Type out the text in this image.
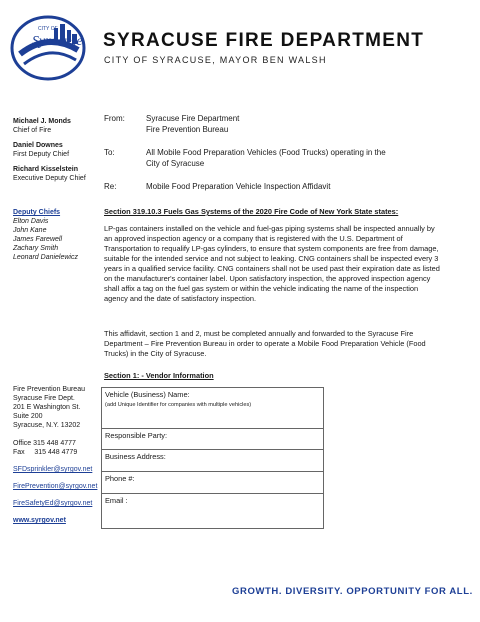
Syracuse
CITY OF
SYRACUSE FIRE DEPARTMENT
CITY OF SYRACUSE, MAYOR BEN WALSH
Michael J. Monds
Chief of Fire
Daniel Downes
First Deputy Chief
Richard Kisselstein
Executive Deputy Chief
Deputy Chiefs
Elton Davis
John Kane
James Farewell
Zachary Smith
Leonard Danielewicz
Fire Prevention Bureau
Syracuse Fire Dept.
201 E Washington St.
Suite 200
Syracuse, N.Y. 13202
Office 315 448 4777
Fax     315 448 4779
SFDsprinkler@syrgov.net
FirePrevention@syrgov.net
FireSafetyEd@syrgov.net
www.syrgov.net
From:	Syracuse Fire Department
Fire Prevention Bureau
To:	All Mobile Food Preparation Vehicles (Food Trucks) operating in the
City of Syracuse
Re:	Mobile Food Preparation Vehicle Inspection Affidavit
Section 319.10.3 Fuels Gas Systems of the 2020 Fire Code of New York State states:
LP-gas containers installed on the vehicle and fuel-gas piping systems shall be inspected annually by an approved inspection agency or a company that is registered with the U.S. Department of Transportation to requalify LP-gas cylinders, to ensure that system components are free from damage, suitable for the intended service and not subject to leaking. CNG containers shall be inspected every 3 years in a qualified service facility. CNG containers shall not be used past their expiration date as listed on the manufacturer's container label. Upon satisfactory inspection, the approved inspection agency shall affix a tag on the fuel gas system or within the vehicle indicating the name of the inspection agency and the date of satisfactory inspection.
This affidavit, section 1 and 2, must be completed annually and forwarded to the Syracuse Fire Department – Fire Prevention Bureau in order to operate a Mobile Food Preparation Vehicle (Food Trucks) in the City of Syracuse.
Section 1: - Vendor Information
Vehicle (Business) Name:
(add Unique Identifier for companies with multiple vehicles)

Responsible Party:
Business Address:
Phone #:
Email :
GROWTH. DIVERSITY. OPPORTUNITY FOR ALL.
